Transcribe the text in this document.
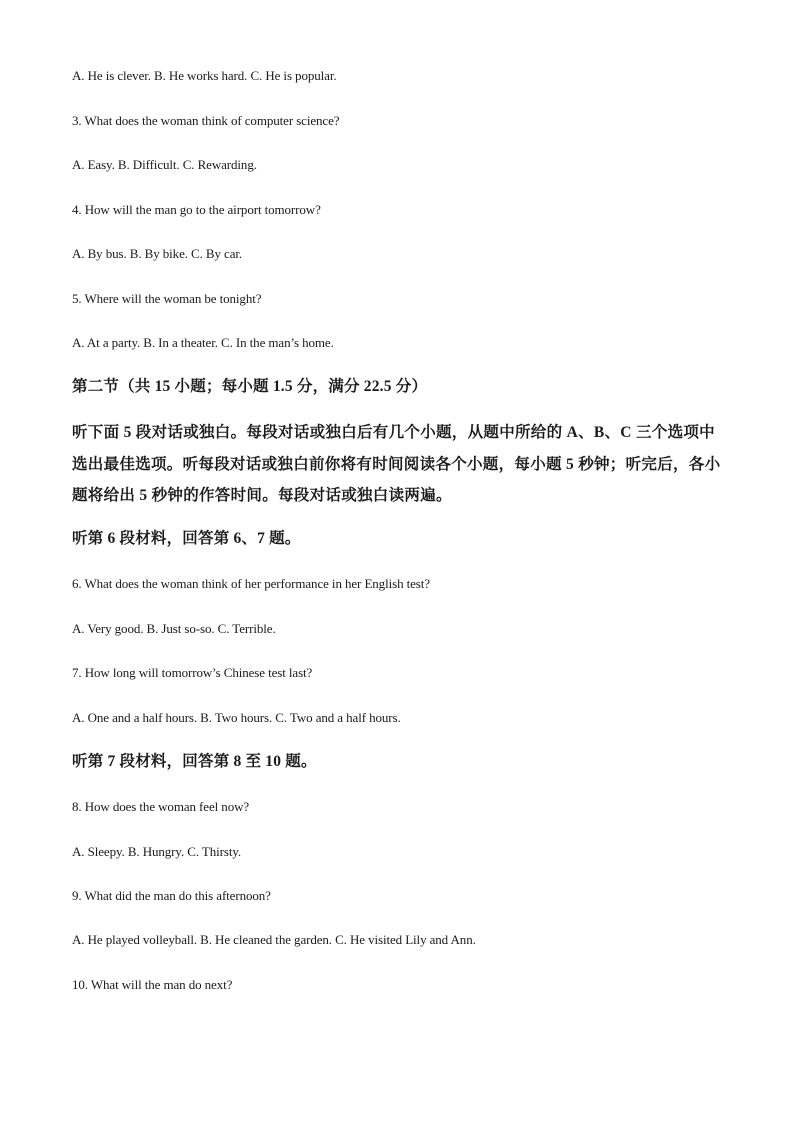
A. He is clever. B. He works hard. C. He is popular.

3. What does the woman think of computer science?

A. Easy. B. Difficult. C. Rewarding.

4. How will the man go to the airport tomorrow?

A. By bus. B. By bike. C. By car.

5. Where will the woman be tonight?

A. At a party. B. In a theater. C. In the man’s home.

第二节（共 15 小题；每小题 1.5 分，满分 22.5 分）

听下面 5 段对话或独白。每段对话或独白后有几个小题，从题中所给的 A、B、C 三个选项中选出最佳选项。听每段对话或独白前你将有时间阅读各个小题，每小题 5 秒钟；听完后，各小题将给出 5 秒钟的作答时间。每段对话或独白读两遍。

听第 6 段材料，回答第 6、7 题。

6. What does the woman think of her performance in her English test?

A. Very good. B. Just so-so. C. Terrible.

7. How long will tomorrow’s Chinese test last?

A. One and a half hours. B. Two hours. C. Two and a half hours.

听第 7 段材料，回答第 8 至 10 题。

8. How does the woman feel now?

A. Sleepy. B. Hungry. C. Thirsty.

9. What did the man do this afternoon?

A. He played volleyball. B. He cleaned the garden. C. He visited Lily and Ann.

10. What will the man do next?
